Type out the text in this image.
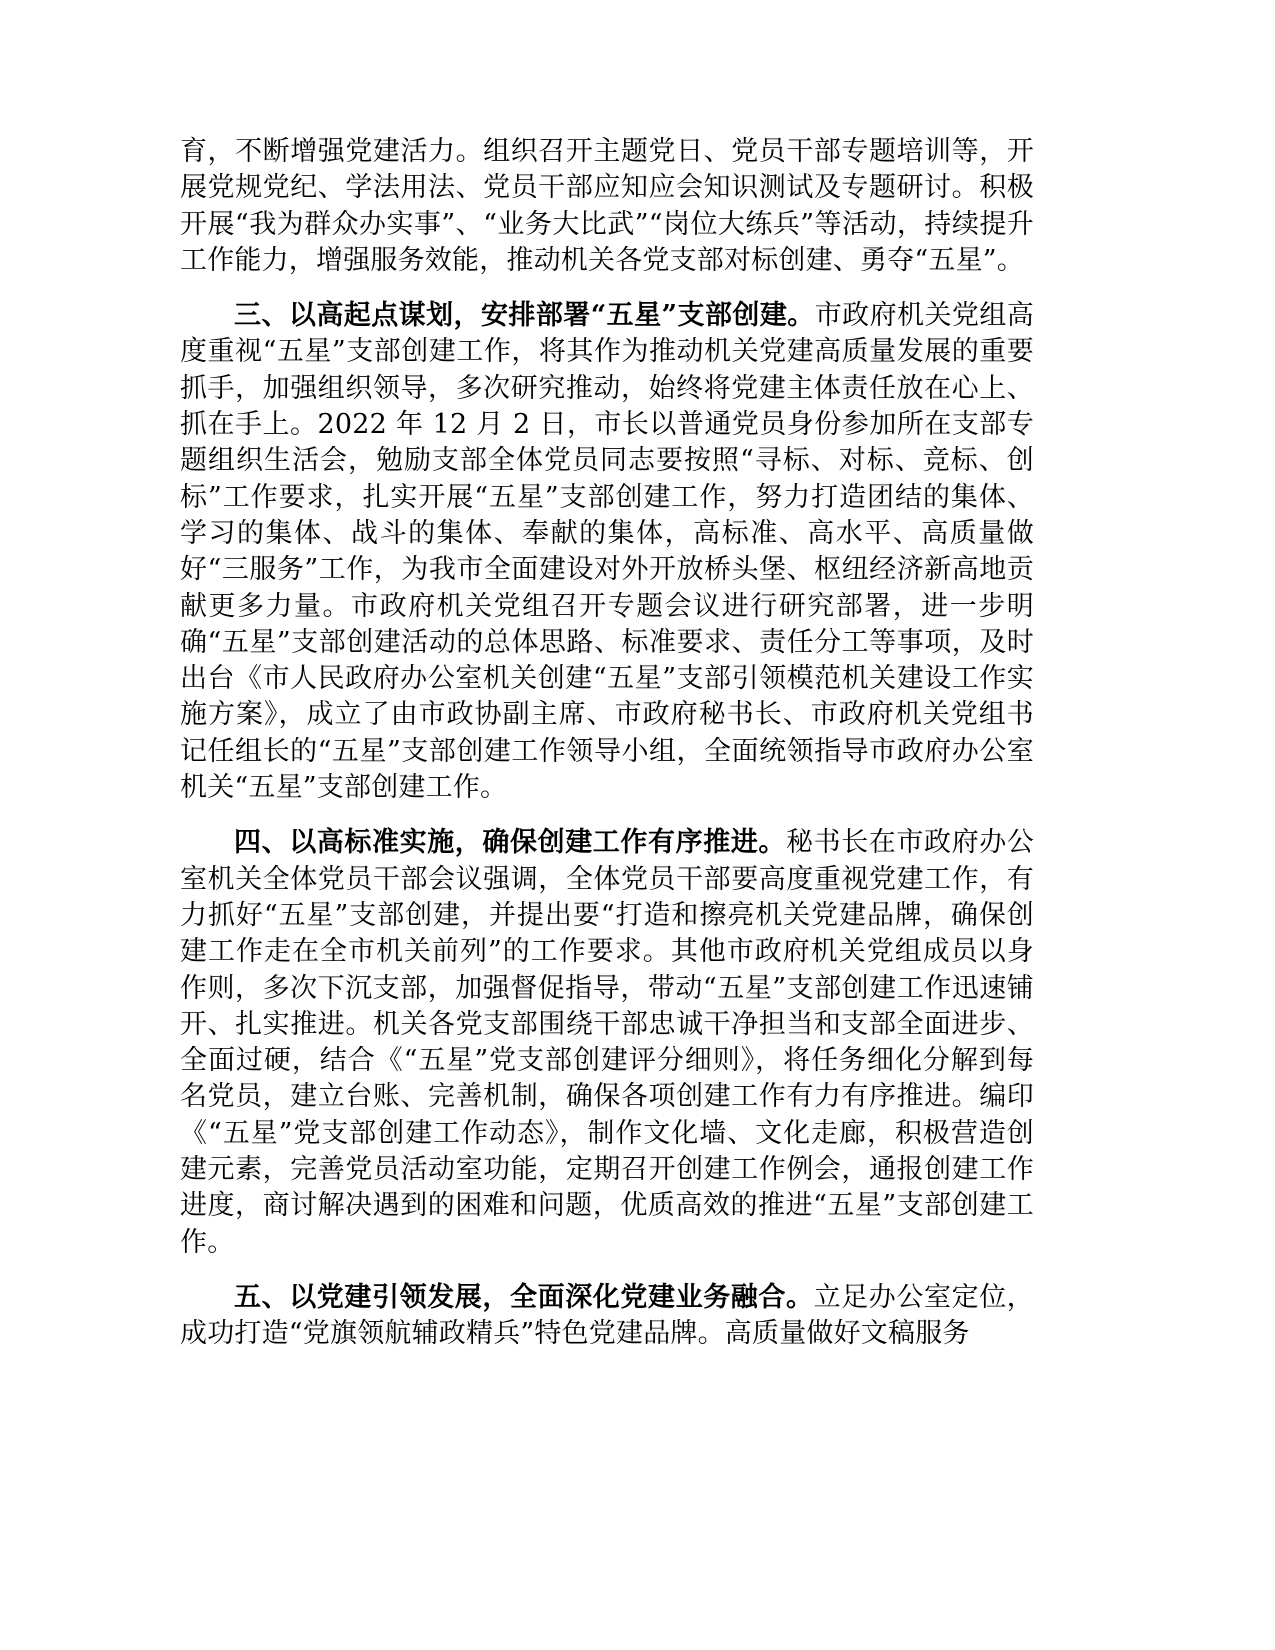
育，不断增强党建活力。组织召开主题党日、党员干部专题培训等，开展党规党纪、学法用法、党员干部应知应会知识测试及专题研讨。积极开展“我为群众办实事”、“业务大比武”“岗位大练兵”等活动，持续提升工作能力，增强服务效能，推动机关各党支部对标创建、勇夺“五星”。

三、以高起点谋划，安排部署“五星”支部创建。市政府机关党组高度重视“五星”支部创建工作，将其作为推动机关党建高质量发展的重要抓手，加强组织领导，多次研究推动，始终将党建主体责任放在心上、抓在手上。2022 年 12 月 2 日，市长以普通党员身份参加所在支部专题组织生活会，勉励支部全体党员同志要按照“寻标、对标、竞标、创标”工作要求，扎实开展“五星”支部创建工作，努力打造团结的集体、学习的集体、战斗的集体、奉献的集体，高标准、高水平、高质量做好“三服务”工作，为我市全面建设对外开放桥头堡、枢纽经济新高地贡献更多力量。市政府机关党组召开专题会议进行研究部署，进一步明确“五星”支部创建活动的总体思路、标准要求、责任分工等事项，及时出台《市人民政府办公室机关创建“五星”支部引领模范机关建设工作实施方案》，成立了由市政协副主席、市政府秘书长、市政府机关党组书记任组长的“五星”支部创建工作领导小组，全面统领指导市政府办公室机关“五星”支部创建工作。

四、以高标准实施，确保创建工作有序推进。秘书长在市政府办公室机关全体党员干部会议强调，全体党员干部要高度重视党建工作，有力抓好“五星”支部创建，并提出要“打造和擦亮机关党建品牌，确保创建工作走在全市机关前列”的工作要求。其他市政府机关党组成员以身作则，多次下沉支部，加强督促指导，带动“五星”支部创建工作迅速铺开、扎实推进。机关各党支部围绕干部忠诚干净担当和支部全面进步、全面过硬，结合《“五星”党支部创建评分细则》，将任务细化分解到每名党员，建立台账、完善机制，确保各项创建工作有力有序推进。编印《“五星”党支部创建工作动态》，制作文化墙、文化走廊，积极营造创建元素，完善党员活动室功能，定期召开创建工作例会，通报创建工作进度，商讨解决遇到的困难和问题，优质高效的推进“五星”支部创建工作。

五、以党建引领发展，全面深化党建业务融合。立足办公室定位，成功打造“党旗领航辅政精兵”特色党建品牌。高质量做好文稿服务
